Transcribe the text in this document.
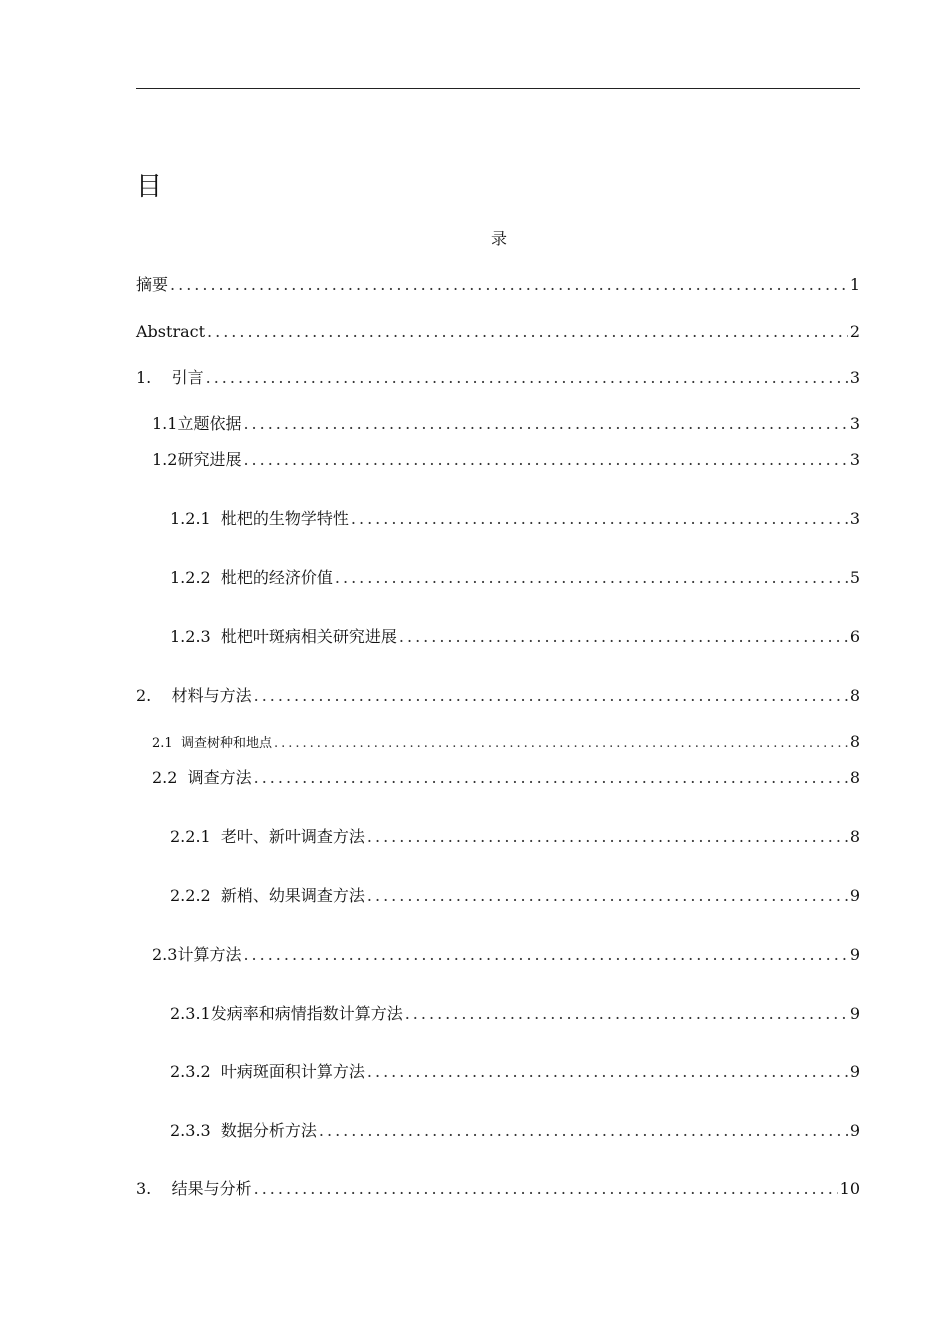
目
录
摘要 .....	1
Abstract .....	2
1.    引言 .....	3
1.1立题依据 .....	3
1.2研究进展 .....	3
1.2.1  枇杷的生物学特性 .....	3
1.2.2  枇杷的经济价值 .....	5
1.2.3  枇杷叶斑病相关研究进展 .....	6
2.    材料与方法 .....	8
2.1  调查树种和地点 .....	8
2.2  调查方法 .....	8
2.2.1  老叶、新叶调查方法 .....	8
2.2.2  新梢、幼果调查方法 .....	9
2.3计算方法 .....	9
2.3.1发病率和病情指数计算方法 .....	9
2.3.2  叶病斑面积计算方法 .....	9
2.3.3  数据分析方法 .....	9
3.    结果与分析 .....	10
